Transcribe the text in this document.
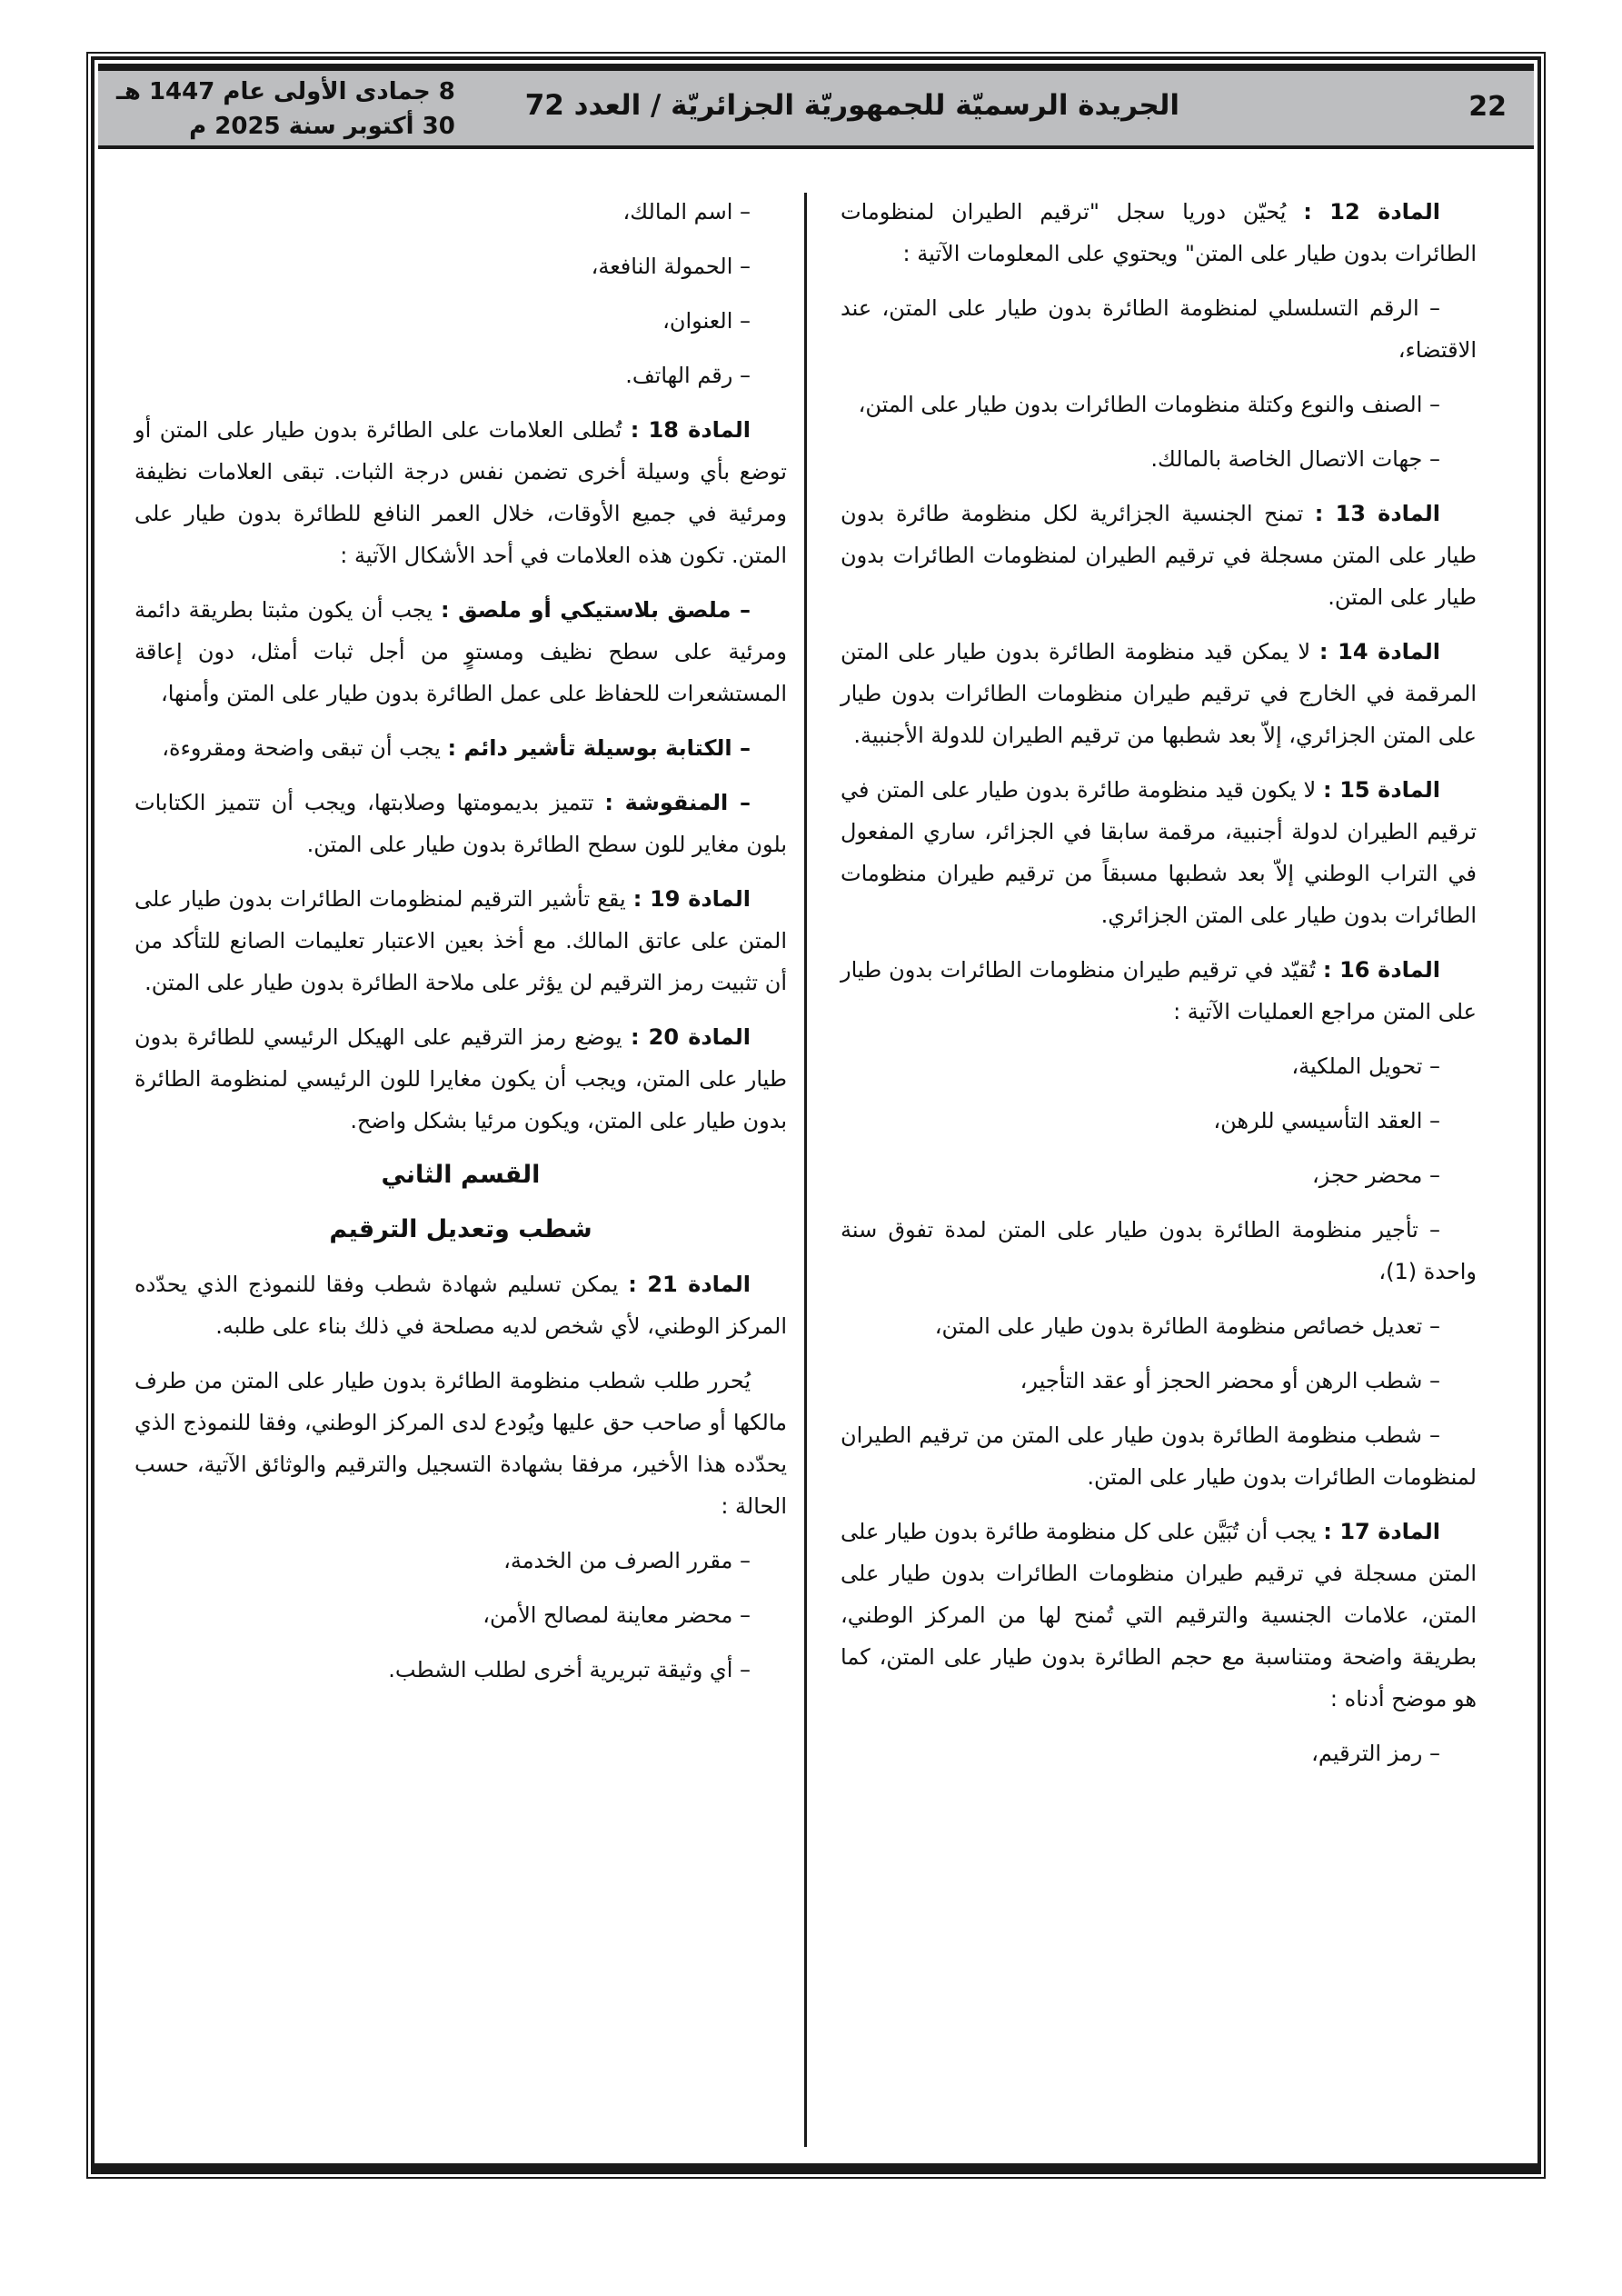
22
الجريدة الرسميّة للجمهوريّة الجزائريّة / العدد 72
8 جمادى الأولى عام 1447 هـ
30 أكتوبر سنة 2025 م
المادة 12 : يُحيّن دوريا سجل "ترقيم الطيران لمنظومات الطائرات بدون طيار على المتن" ويحتوي على المعلومات الآتية :
– الرقم التسلسلي لمنظومة الطائرة بدون طيار على المتن، عند الاقتضاء،
– الصنف والنوع وكتلة منظومات الطائرات بدون طيار على المتن،
– جهات الاتصال الخاصة بالمالك.
المادة 13 : تمنح الجنسية الجزائرية لكل منظومة طائرة بدون طيار على المتن مسجلة في ترقيم الطيران لمنظومات الطائرات بدون طيار على المتن.
المادة 14 : لا يمكن قيد منظومة الطائرة بدون طيار على المتن المرقمة في الخارج في ترقيم طيران منظومات الطائرات بدون طيار على المتن الجزائري، إلاّ بعد شطبها من ترقيم الطيران للدولة الأجنبية.
المادة 15 : لا يكون قيد منظومة طائرة بدون طيار على المتن في ترقيم الطيران لدولة أجنبية، مرقمة سابقا في الجزائر، ساري المفعول في التراب الوطني إلاّ بعد شطبها مسبقاً من ترقيم طيران منظومات الطائرات بدون طيار على المتن الجزائري.
المادة 16 : تُقيّد في ترقيم طيران منظومات الطائرات بدون طيار على المتن مراجع العمليات الآتية :
– تحويل الملكية،
– العقد التأسيسي للرهن،
– محضر حجز،
– تأجير منظومة الطائرة بدون طيار على المتن لمدة تفوق سنة واحدة (1)،
– تعديل خصائص منظومة الطائرة بدون طيار على المتن،
– شطب الرهن أو محضر الحجز أو عقد التأجير،
– شطب منظومة الطائرة بدون طيار على المتن من ترقيم الطيران لمنظومات الطائرات بدون طيار على المتن.
المادة 17 : يجب أن تُبَيَّن على كل منظومة طائرة بدون طيار على المتن مسجلة في ترقيم طيران منظومات الطائرات بدون طيار على المتن، علامات الجنسية والترقيم التي تُمنح لها من المركز الوطني، بطريقة واضحة ومتناسبة مع حجم الطائرة بدون طيار على المتن، كما هو موضح أدناه :
– رمز الترقيم،
– اسم المالك،
– الحمولة النافعة،
– العنوان،
– رقم الهاتف.
المادة 18 : تُطلى العلامات على الطائرة بدون طيار على المتن أو توضع بأي وسيلة أخرى تضمن نفس درجة الثبات. تبقى العلامات نظيفة ومرئية في جميع الأوقات، خلال العمر النافع للطائرة بدون طيار على المتن. تكون هذه العلامات في أحد الأشكال الآتية :
– ملصق بلاستيكي أو ملصق : يجب أن يكون مثبتا بطريقة دائمة ومرئية على سطح نظيف ومستوٍ من أجل ثبات أمثل، دون إعاقة المستشعرات للحفاظ على عمل الطائرة بدون طيار على المتن وأمنها،
– الكتابة بوسيلة تأشير دائم : يجب أن تبقى واضحة ومقروءة،
– المنقوشة : تتميز بديمومتها وصلابتها، ويجب أن تتميز الكتابات بلون مغاير للون سطح الطائرة بدون طيار على المتن.
المادة 19 : يقع تأشير الترقيم لمنظومات الطائرات بدون طيار على المتن على عاتق المالك. مع أخذ بعين الاعتبار تعليمات الصانع للتأكد من أن تثبيت رمز الترقيم لن يؤثر على ملاحة الطائرة بدون طيار على المتن.
المادة 20 : يوضع رمز الترقيم على الهيكل الرئيسي للطائرة بدون طيار على المتن، ويجب أن يكون مغايرا للون الرئيسي لمنظومة الطائرة بدون طيار على المتن، ويكون مرئيا بشكل واضح.
القسم الثاني
شطب وتعديل الترقيم
المادة 21 : يمكن تسليم شهادة شطب وفقا للنموذج الذي يحدّده المركز الوطني، لأي شخص لديه مصلحة في ذلك بناء على طلبه.
يُحرر طلب شطب منظومة الطائرة بدون طيار على المتن من طرف مالكها أو صاحب حق عليها ويُودع لدى المركز الوطني، وفقا للنموذج الذي يحدّده هذا الأخير، مرفقا بشهادة التسجيل والترقيم والوثائق الآتية، حسب الحالة :
– مقرر الصرف من الخدمة،
– محضر معاينة لمصالح الأمن،
– أي وثيقة تبريرية أخرى لطلب الشطب.
